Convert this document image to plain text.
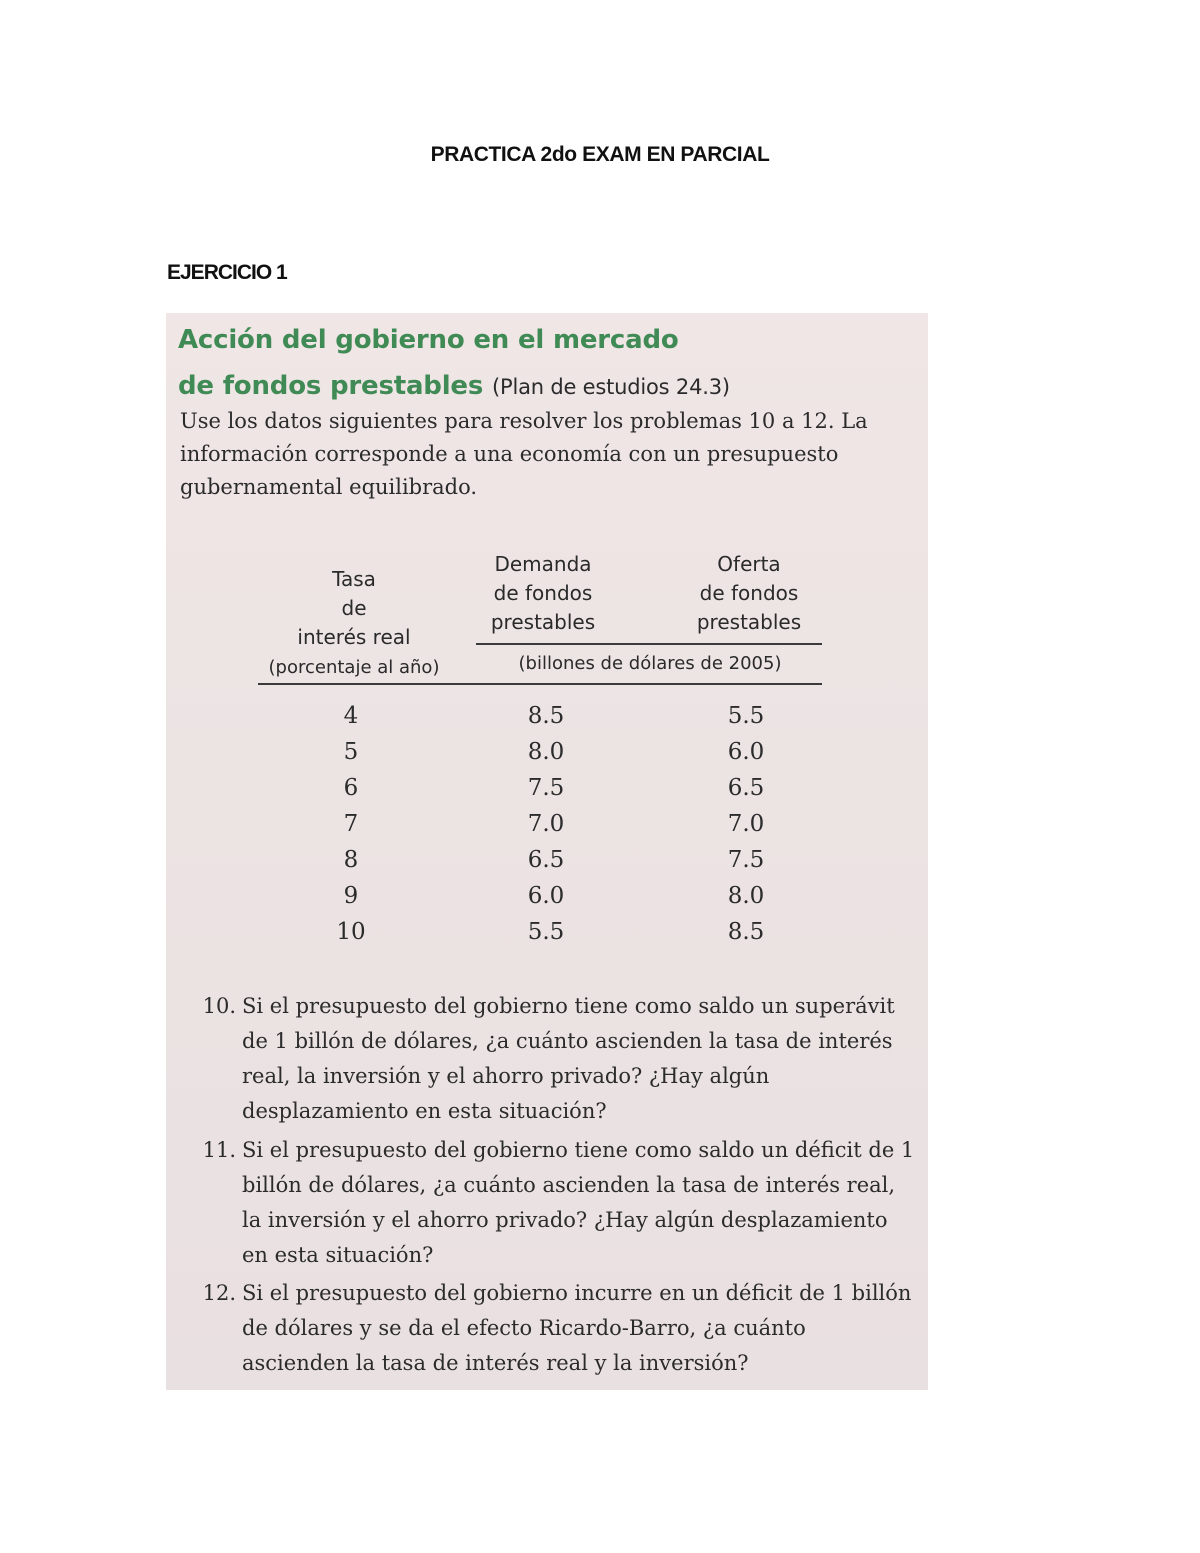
PRACTICA 2do EXAM EN PARCIAL
EJERCICIO 1
Acción del gobierno en el mercado
de fondos prestables (Plan de estudios 24.3)
Use los datos siguientes para resolver los problemas 10 a 12. La información corresponde a una economía con un presupuesto gubernamental equilibrado.
Tasa
de
interés real
(porcentaje al año)
Demanda
de fondos
prestables
Oferta
de fondos
prestables
(billones de dólares de 2005)
4	8.5	5.5
5	8.0	6.0
6	7.5	6.5
7	7.0	7.0
8	6.5	7.5
9	6.0	8.0
10	5.5	8.5
10. Si el presupuesto del gobierno tiene como saldo un superávit de 1 billón de dólares, ¿a cuánto ascienden la tasa de interés real, la inversión y el ahorro privado? ¿Hay algún desplazamiento en esta situación?
11. Si el presupuesto del gobierno tiene como saldo un déficit de 1 billón de dólares, ¿a cuánto ascienden la tasa de interés real, la inversión y el ahorro privado? ¿Hay algún desplazamiento en esta situación?
12. Si el presupuesto del gobierno incurre en un déficit de 1 billón de dólares y se da el efecto Ricardo-Barro, ¿a cuánto ascienden la tasa de interés real y la inversión?
